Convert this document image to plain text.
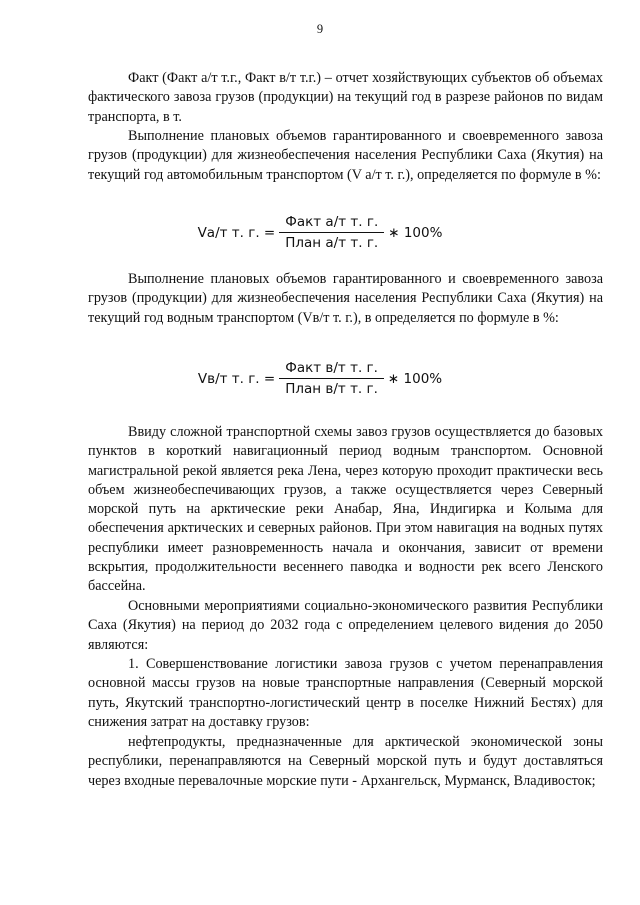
9

Факт (Факт а/т т.г., Факт в/т т.г.) – отчет хозяйствующих субъектов об объемах фактического завоза грузов (продукции) на текущий год в разрезе районов по видам транспорта, в т.

Выполнение плановых объемов гарантированного и своевременного завоза грузов (продукции) для жизнеобеспечения населения Республики Саха (Якутия) на текущий год автомобильным транспортом (V а/т т. г.), определяется по формуле в %:

Vа/т т. г. = $\frac{\text{Факт а/т т. г.}}{\text{План а/т т. г.}}$ ∗ 100%

Выполнение плановых объемов гарантированного и своевременного завоза грузов (продукции) для жизнеобеспечения населения Республики Саха (Якутия) на текущий год водным транспортом (Vв/т т. г.), в определяется по формуле в %:

Vв/т т. г. = $\frac{\text{Факт в/т т. г.}}{\text{План в/т т. г.}}$ ∗ 100%

Ввиду сложной транспортной схемы завоз грузов осуществляется до базовых пунктов в короткий навигационный период водным транспортом. Основной магистральной рекой является река Лена, через которую проходит практически весь объем жизнеобеспечивающих грузов, а также осуществляется через Северный морской путь на арктические реки Анабар, Яна, Индигирка и Колыма для обеспечения арктических и северных районов. При этом навигация на водных путях республики имеет разновременность начала и окончания, зависит от времени вскрытия, продолжительности весеннего паводка и водности рек всего Ленского бассейна.

Основными мероприятиями социально-экономического развития Республики Саха (Якутия) на период до 2032 года с определением целевого видения до 2050 являются:

1. Совершенствование логистики завоза грузов с учетом перенаправления основной массы грузов на новые транспортные направления (Северный морской путь, Якутский транспортно-логистический центр в поселке Нижний Бестях) для снижения затрат на доставку грузов:

нефтепродукты, предназначенные для арктической экономической зоны республики, перенаправляются на Северный морской путь и будут доставляться через входные перевалочные морские пути - Архангельск, Мурманск, Владивосток;
